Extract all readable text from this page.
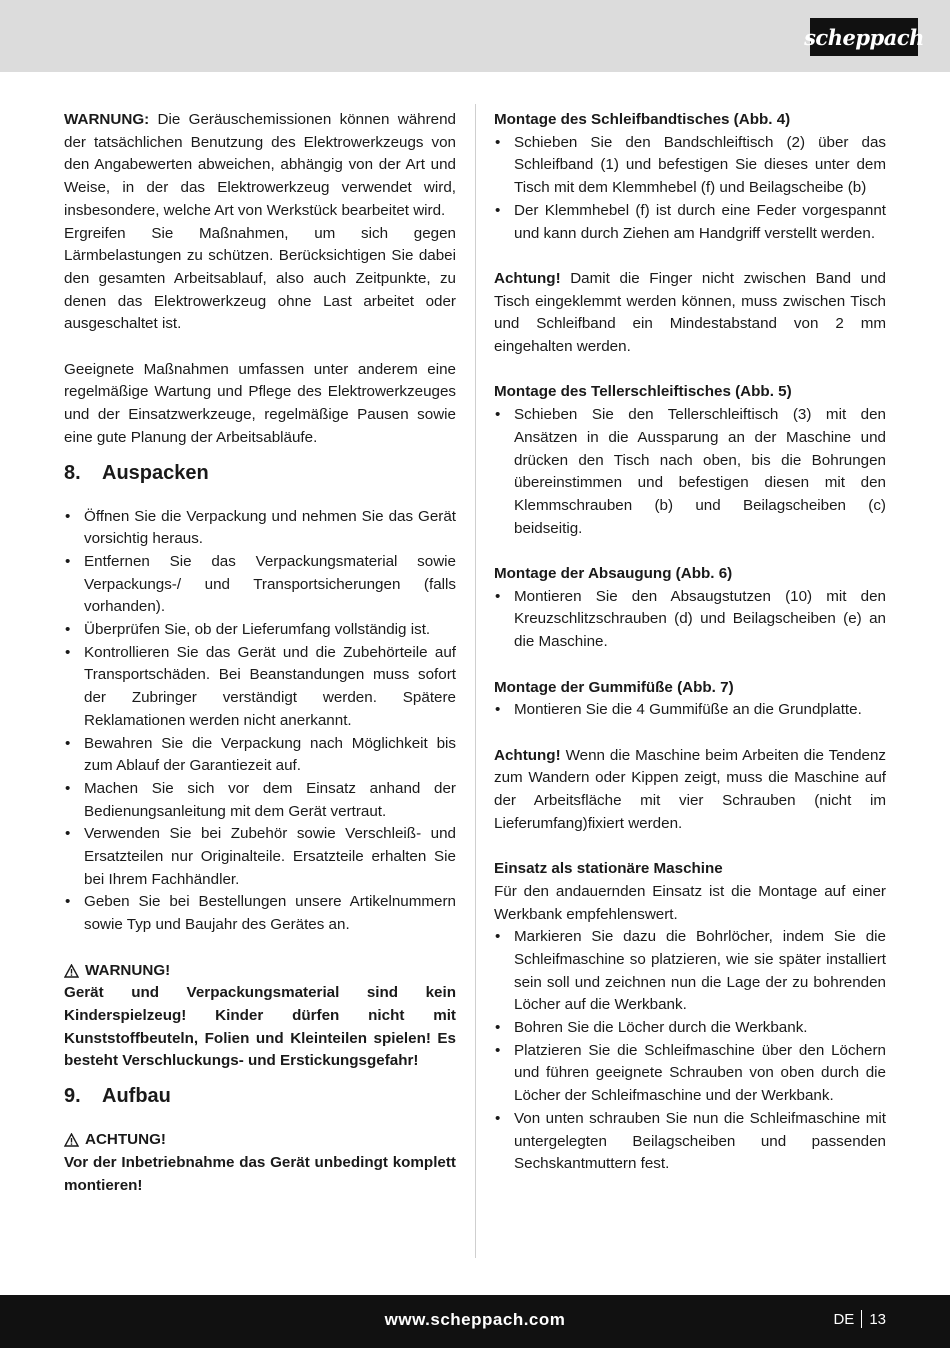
scheppach

WARNUNG: Die Geräuschemissionen können während der tatsächlichen Benutzung des Elektrowerkzeugs von den Angabewerten abweichen, abhängig von der Art und Weise, in der das Elektrowerkzeug verwendet wird, insbesondere, welche Art von Werkstück bearbeitet wird.

Ergreifen Sie Maßnahmen, um sich gegen Lärmbelastungen zu schützen. Berücksichtigen Sie dabei den gesamten Arbeitsablauf, also auch Zeitpunkte, zu denen das Elektrowerkzeug ohne Last arbeitet oder ausgeschaltet ist.

Geeignete Maßnahmen umfassen unter anderem eine regelmäßige Wartung und Pflege des Elektrowerkzeuges und der Einsatzwerkzeuge, regelmäßige Pausen sowie eine gute Planung der Arbeitsabläufe.

8.	Auspacken
• Öffnen Sie die Verpackung und nehmen Sie das Gerät vorsichtig heraus.
• Entfernen Sie das Verpackungsmaterial sowie Verpackungs-/ und Transportsicherungen (falls vorhanden).
• Überprüfen Sie, ob der Lieferumfang vollständig ist.
• Kontrollieren Sie das Gerät und die Zubehörteile auf Transportschäden. Bei Beanstandungen muss sofort der Zubringer verständigt werden. Spätere Reklamationen werden nicht anerkannt.
• Bewahren Sie die Verpackung nach Möglichkeit bis zum Ablauf der Garantiezeit auf.
• Machen Sie sich vor dem Einsatz anhand der Bedienungsanleitung mit dem Gerät vertraut.
• Verwenden Sie bei Zubehör sowie Verschleiß- und Ersatzteilen nur Originalteile. Ersatzteile erhalten Sie bei Ihrem Fachhändler.
• Geben Sie bei Bestellungen unsere Artikelnummern sowie Typ und Baujahr des Gerätes an.
WARNUNG!

Gerät und Verpackungsmaterial sind kein Kinderspielzeug! Kinder dürfen nicht mit Kunststoffbeuteln, Folien und Kleinteilen spielen! Es besteht Verschluckungs- und Erstickungsgefahr!

9.	Aufbau
ACHTUNG!

Vor der Inbetriebnahme das Gerät unbedingt komplett montieren!

Montage des Schleifbandtisches (Abb. 4)
• Schieben Sie den Bandschleiftisch (2) über das Schleifband (1) und befestigen Sie dieses unter dem Tisch mit dem Klemmhebel (f) und Beilagscheibe (b)
• Der Klemmhebel (f) ist durch eine Feder vorgespannt und kann durch Ziehen am Handgriff verstellt werden.

Achtung! Damit die Finger nicht zwischen Band und Tisch eingeklemmt werden können, muss zwischen Tisch und Schleifband ein Mindestabstand von 2 mm eingehalten werden.

Montage des Tellerschleiftisches (Abb. 5)
• Schieben Sie den Tellerschleiftisch (3) mit den Ansätzen in die Aussparung an der Maschine und drücken den Tisch nach oben, bis die Bohrungen übereinstimmen und befestigen diesen mit den Klemmschrauben (b) und Beilagscheiben (c) beidseitig.
Montage der Absaugung (Abb. 6)
• Montieren Sie den Absaugstutzen (10) mit den Kreuzschlitzschrauben (d) und Beilagscheiben (e) an die Maschine.
Montage der Gummifüße (Abb. 7)
• Montieren Sie die 4 Gummifüße an die Grundplatte.

Achtung! Wenn die Maschine beim Arbeiten die Tendenz zum Wandern oder Kippen zeigt, muss die Maschine auf der Arbeitsfläche mit vier Schrauben (nicht im Lieferumfang)fixiert werden.

Einsatz als stationäre Maschine

Für den andauernden Einsatz ist die Montage auf einer Werkbank empfehlenswert.

• Markieren Sie dazu die Bohrlöcher, indem Sie die Schleifmaschine so platzieren, wie sie später installiert sein soll und zeichnen nun die Lage der zu bohrenden Löcher auf die Werkbank.
• Bohren Sie die Löcher durch die Werkbank.
• Platzieren Sie die Schleifmaschine über den Löchern und führen geeignete Schrauben von oben durch die Löcher der Schleifmaschine und der Werkbank.
• Von unten schrauben Sie nun die Schleifmaschine mit untergelegten Beilagscheiben und passenden Sechskantmuttern fest.
www.scheppach.com	DE 13
